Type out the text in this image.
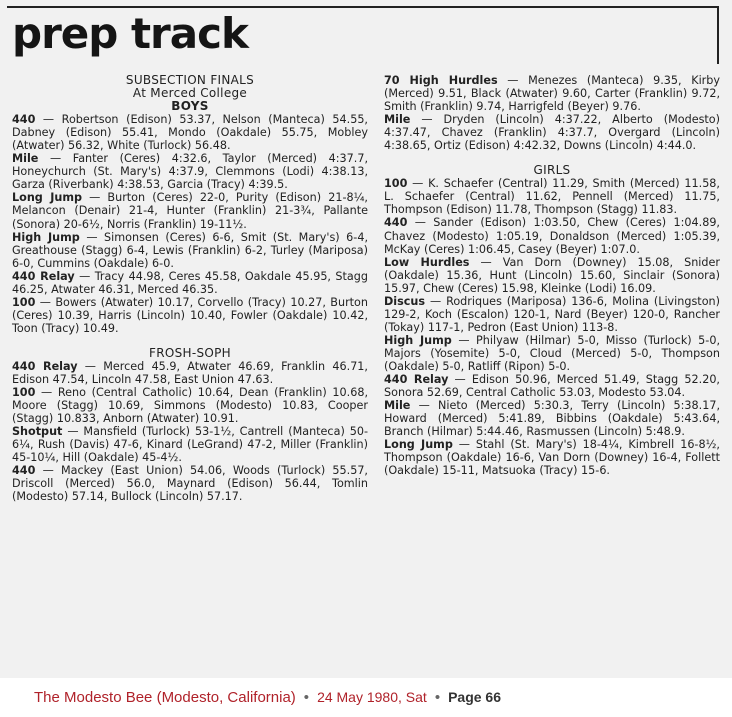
prep track
SUBSECTION FINALS
At Merced College
BOYS
440 — Robertson (Edison) 53.37, Nelson (Manteca) 54.55, Dabney (Edison) 55.41, Mondo (Oakdale) 55.75, Mobley (Atwater) 56.32, White (Turlock) 56.48.
Mile — Fanter (Ceres) 4:32.6, Taylor (Merced) 4:37.7, Honeychurch (St. Mary's) 4:37.9, Clemmons (Lodi) 4:38.13, Garza (Riverbank) 4:38.53, Garcia (Tracy) 4:39.5.
Long Jump — Burton (Ceres) 22-0, Purity (Edison) 21-8¼, Melancon (Denair) 21-4, Hunter (Franklin) 21-3¾, Pallante (Sonora) 20-6½, Norris (Franklin) 19-11½.
High Jump — Simonsen (Ceres) 6-6, Smit (St. Mary's) 6-4, Greathouse (Stagg) 6-4, Lewis (Franklin) 6-2, Turley (Mariposa) 6-0, Cummins (Oakdale) 6-0.
440 Relay — Tracy 44.98, Ceres 45.58, Oakdale 45.95, Stagg 46.25, Atwater 46.31, Merced 46.35.
100 — Bowers (Atwater) 10.17, Corvello (Tracy) 10.27, Burton (Ceres) 10.39, Harris (Lincoln) 10.40, Fowler (Oakdale) 10.42, Toon (Tracy) 10.49.
FROSH-SOPH
440 Relay — Merced 45.9, Atwater 46.69, Franklin 46.71, Edison 47.54, Lincoln 47.58, East Union 47.63.
100 — Reno (Central Catholic) 10.64, Dean (Franklin) 10.68, Moore (Stagg) 10.69, Simmons (Modesto) 10.83, Cooper (Stagg) 10.833, Anborn (Atwater) 10.91.
Shotput — Mansfield (Turlock) 53-1½, Cantrell (Manteca) 50-6¼, Rush (Davis) 47-6, Kinard (LeGrand) 47-2, Miller (Franklin) 45-10¼, Hill (Oakdale) 45-4½.
440 — Mackey (East Union) 54.06, Woods (Turlock) 55.57, Driscoll (Merced) 56.0, Maynard (Edison) 56.44, Tomlin (Modesto) 57.14, Bullock (Lincoln) 57.17.
70 High Hurdles — Menezes (Manteca) 9.35, Kirby (Merced) 9.51, Black (Atwater) 9.60, Carter (Franklin) 9.72, Smith (Franklin) 9.74, Harrigfeld (Beyer) 9.76.
Mile — Dryden (Lincoln) 4:37.22, Alberto (Modesto) 4:37.47, Chavez (Franklin) 4:37.7, Overgard (Lincoln) 4:38.65, Ortiz (Edison) 4:42.32, Downs (Lincoln) 4:44.0.
GIRLS
100 — K. Schaefer (Central) 11.29, Smith (Merced) 11.58, L. Schaefer (Central) 11.62, Pennell (Merced) 11.75, Thompson (Edison) 11.78, Thompson (Stagg) 11.83.
440 — Sander (Edison) 1:03.50, Chew (Ceres) 1:04.89, Chavez (Modesto) 1:05.19, Donaldson (Merced) 1:05.39, McKay (Ceres) 1:06.45, Casey (Beyer) 1:07.0.
Low Hurdles — Van Dorn (Downey) 15.08, Snider (Oakdale) 15.36, Hunt (Lincoln) 15.60, Sinclair (Sonora) 15.97, Chew (Ceres) 15.98, Kleinke (Lodi) 16.09.
Discus — Rodriques (Mariposa) 136-6, Molina (Livingston) 129-2, Koch (Escalon) 120-1, Nard (Beyer) 120-0, Rancher (Tokay) 117-1, Pedron (East Union) 113-8.
High Jump — Philyaw (Hilmar) 5-0, Misso (Turlock) 5-0, Majors (Yosemite) 5-0, Cloud (Merced) 5-0, Thompson (Oakdale) 5-0, Ratliff (Ripon) 5-0.
440 Relay — Edison 50.96, Merced 51.49, Stagg 52.20, Sonora 52.69, Central Catholic 53.03, Modesto 53.04.
Mile — Nieto (Merced) 5:30.3, Terry (Lincoln) 5:38.17, Howard (Merced) 5:41.89, Bibbins (Oakdale) 5:43.64, Branch (Hilmar) 5:44.46, Rasmussen (Lincoln) 5:48.9.
Long Jump — Stahl (St. Mary's) 18-4¼, Kimbrell 16-8½, Thompson (Oakdale) 16-6, Van Dorn (Downey) 16-4, Follett (Oakdale) 15-11, Matsuoka (Tracy) 15-6.
The Modesto Bee (Modesto, California) • 24 May 1980, Sat • Page 66
